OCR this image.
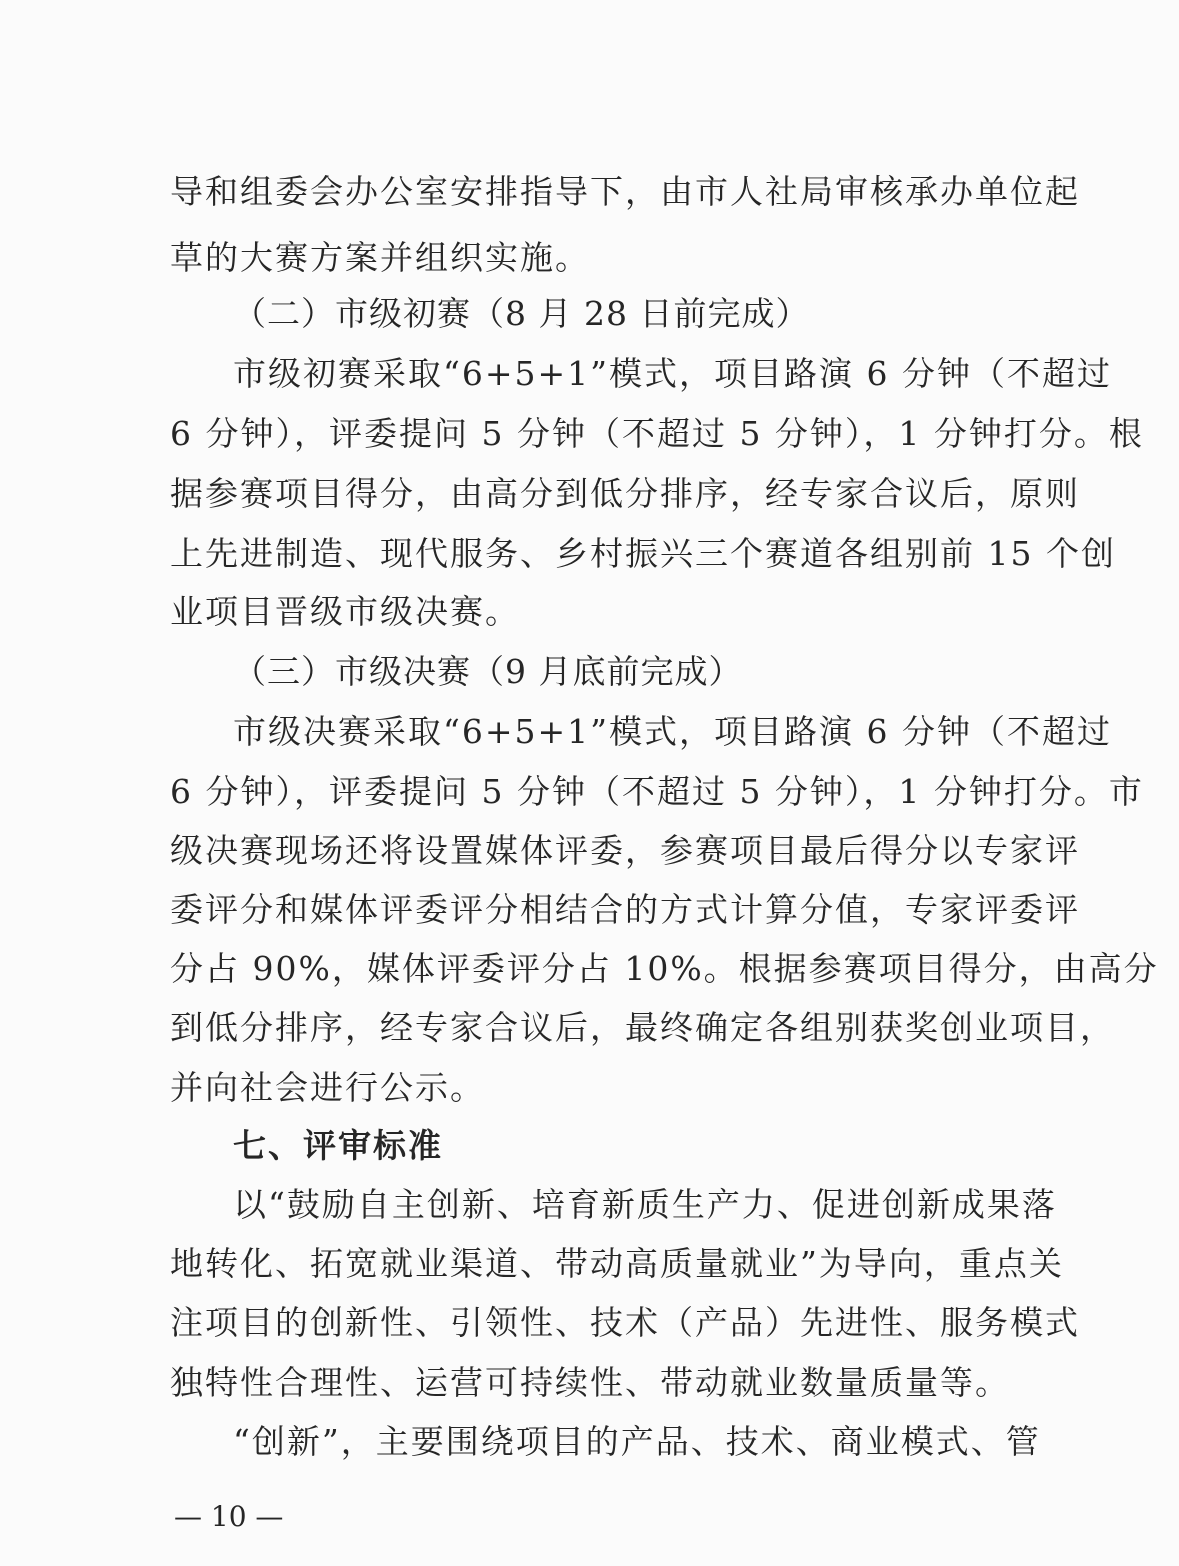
导和组委会办公室安排指导下，由市人社局审核承办单位起
草的大赛方案并组织实施。
（二）市级初赛（8 月 28 日前完成）
市级初赛采取“6+5+1”模式，项目路演 6 分钟（不超过
6 分钟），评委提问 5 分钟（不超过 5 分钟），1 分钟打分。根
据参赛项目得分，由高分到低分排序，经专家合议后，原则
上先进制造、现代服务、乡村振兴三个赛道各组别前 15 个创
业项目晋级市级决赛。
（三）市级决赛（9 月底前完成）
市级决赛采取“6+5+1”模式，项目路演 6 分钟（不超过
6 分钟），评委提问 5 分钟（不超过 5 分钟），1 分钟打分。市
级决赛现场还将设置媒体评委，参赛项目最后得分以专家评
委评分和媒体评委评分相结合的方式计算分值，专家评委评
分占 90%，媒体评委评分占 10%。根据参赛项目得分，由高分
到低分排序，经专家合议后，最终确定各组别获奖创业项目，
并向社会进行公示。
七、评审标准
以“鼓励自主创新、培育新质生产力、促进创新成果落
地转化、拓宽就业渠道、带动高质量就业”为导向，重点关
注项目的创新性、引领性、技术（产品）先进性、服务模式
独特性合理性、运营可持续性、带动就业数量质量等。
“创新”，主要围绕项目的产品、技术、商业模式、管
— 10 —
